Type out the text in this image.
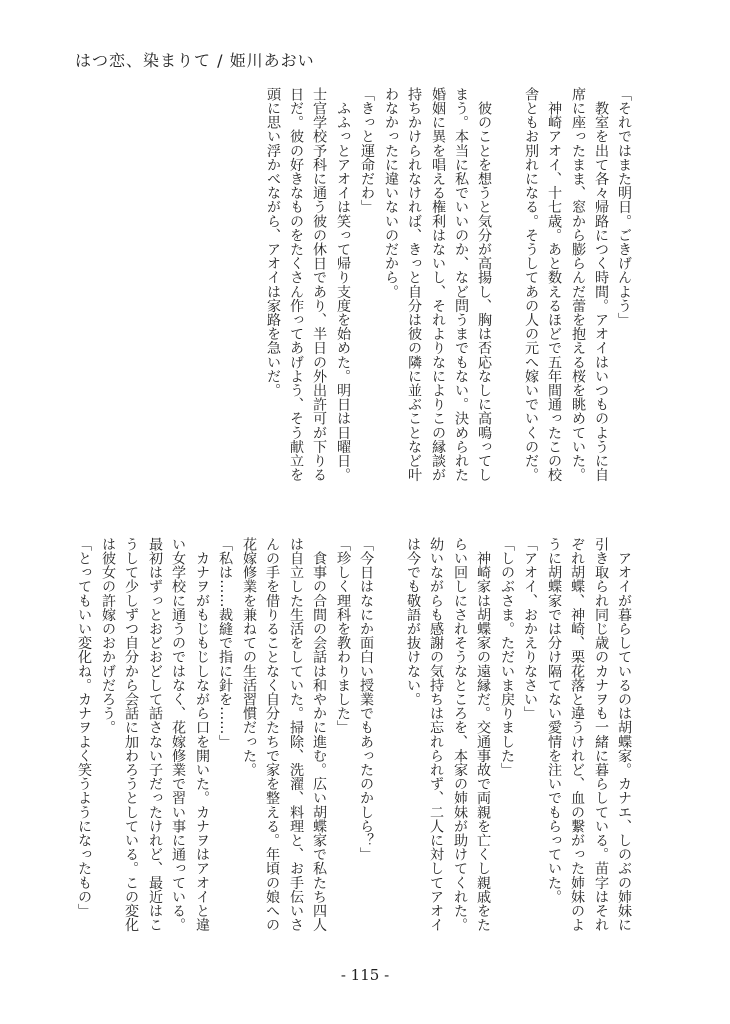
はつ恋、染まりて / 姫川あおい
「それではまた明日。ごきげんよう」
　教室を出て各々帰路につく時間。アオイはいつものように自
席に座ったまま、窓から膨らんだ蕾を抱える桜を眺めていた。
　神崎アオイ、十七歳。あと数えるほどで五年間通ったこの校
舎ともお別れになる。そうしてあの人の元へ嫁いでいくのだ。
　彼のことを想うと気分が高揚し、胸は否応なしに高鳴ってし
まう。本当に私でいいのか、など問うまでもない。決められた
婚姻に異を唱える権利はないし、それよりなによりこの縁談が
持ちかけられなければ、きっと自分は彼の隣に並ぶことなど叶
わなかったに違いないのだから。
「きっと運命だわ」
　ふふっとアオイは笑って帰り支度を始めた。明日は日曜日。
士官学校予科に通う彼の休日であり、半日の外出許可が下りる
日だ。彼の好きなものをたくさん作ってあげよう、そう献立を
頭に思い浮かべながら、アオイは家路を急いだ。
　アオイが暮らしているのは胡蝶家。カナエ、しのぶの姉妹に
引き取られ同じ歳のカナヲも一緒に暮らしている。苗字はそれ
ぞれ胡蝶、神崎、栗花落と違うけれど、血の繋がった姉妹のよ
うに胡蝶家では分け隔てない愛情を注いでもらっていた。
「アオイ、おかえりなさい」
「しのぶさま。ただいま戻りました」
　神崎家は胡蝶家の遠縁だ。交通事故で両親を亡くし親戚をた
らい回しにされそうなところを、本家の姉妹が助けてくれた。
幼いながらも感謝の気持ちは忘れられず、二人に対してアオイ
は今でも敬語が抜けない。
「今日はなにか面白い授業でもあったのかしら？」
「珍しく理科を教わりました」
　食事の合間の会話は和やかに進む。広い胡蝶家で私たち四人
は自立した生活をしていた。掃除、洗濯、料理と、お手伝いさ
んの手を借りることなく自分たちで家を整える。年頃の娘への
花嫁修業を兼ねての生活習慣だった。
「私は……裁縫で指に針を……」
　カナヲがもじもじしながら口を開いた。カナヲはアオイと違
い女学校に通うのではなく、花嫁修業で習い事に通っている。
最初はずっとおどおどして話さない子だったけれど、最近はこ
うして少しずつ自分から会話に加わろうとしている。この変化
は彼女の許嫁のおかげだろう。
「とってもいい変化ね。カナヲよく笑うようになったもの」
- 115 -
